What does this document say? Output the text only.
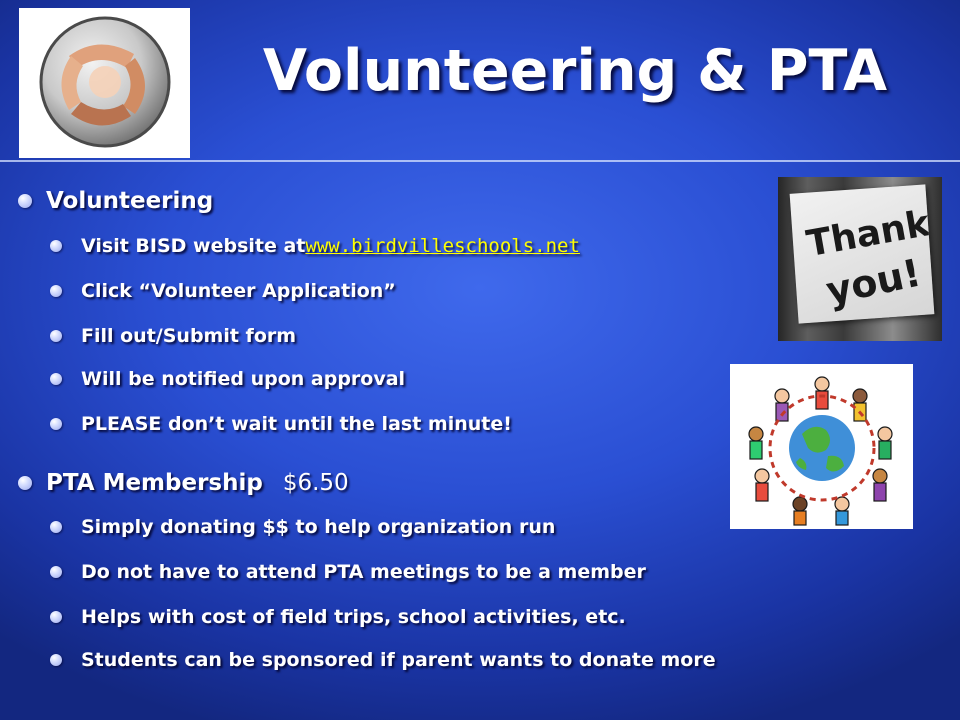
Volunteering & PTA
Volunteering
Visit BISD website at www.birdvilleschools.net
Click “Volunteer Application”
Fill out/Submit form
Will be notified upon approval
PLEASE don’t wait until the last minute!
PTA Membership $6.50
Simply donating $$ to help organization run
Do not have to attend PTA meetings to be a member
Helps with cost of field trips, school activities, etc.
Students can be sponsored if parent wants to donate more
Thank
you!
